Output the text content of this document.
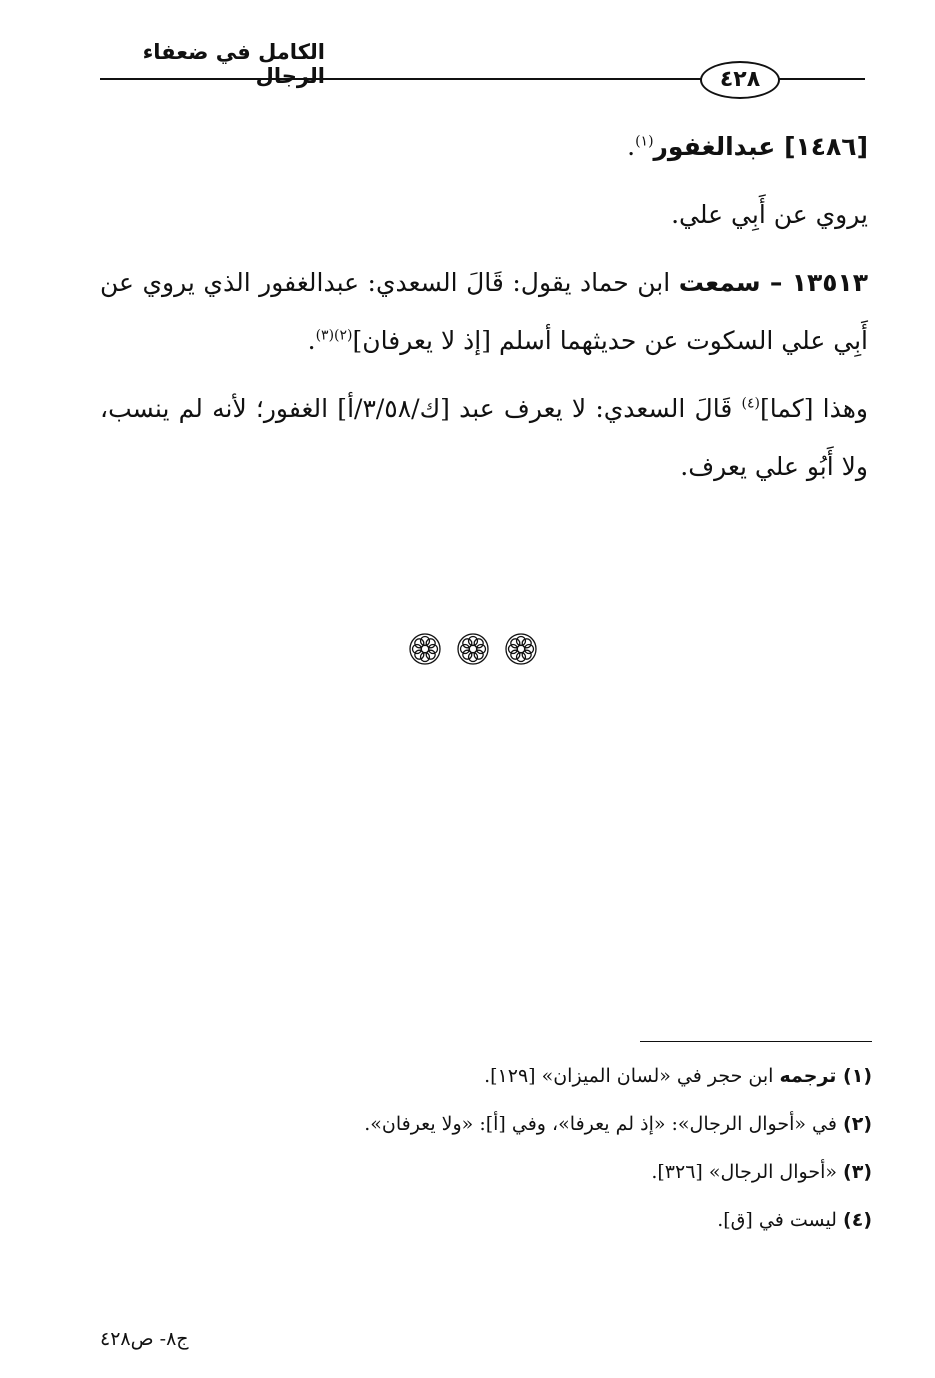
الكامل في ضعفاء الرجال	٤٢٨

[١٤٨٦] عبدالغفور$^{(١)}$.

يروي عن أَبِي علي.

١٣٥١٣ – سمعت ابن حماد يقول: قَالَ السعدي: عبدالغفور الذي يروي عن أَبِي علي السكوت عن حديثهما أسلم [إذ لا يعرفان]$^{(٢)(٣)}$.

وهذا [كما]$^{(٤)}$ قَالَ السعدي: لا يعرف عبد [ك/٣/٥٨/أ] الغفور؛ لأنه لم ينسب، ولا أَبُو علي يعرف.

(١) ترجمه ابن حجر في «لسان الميزان» [١٢٩].
(٢) في «أحوال الرجال»: «إذ لم يعرفا»، وفي [أ]: «ولا يعرفان».
(٣) «أحوال الرجال» [٣٢٦].
(٤) ليست في [ق].
ج٨- ص٤٢٨
